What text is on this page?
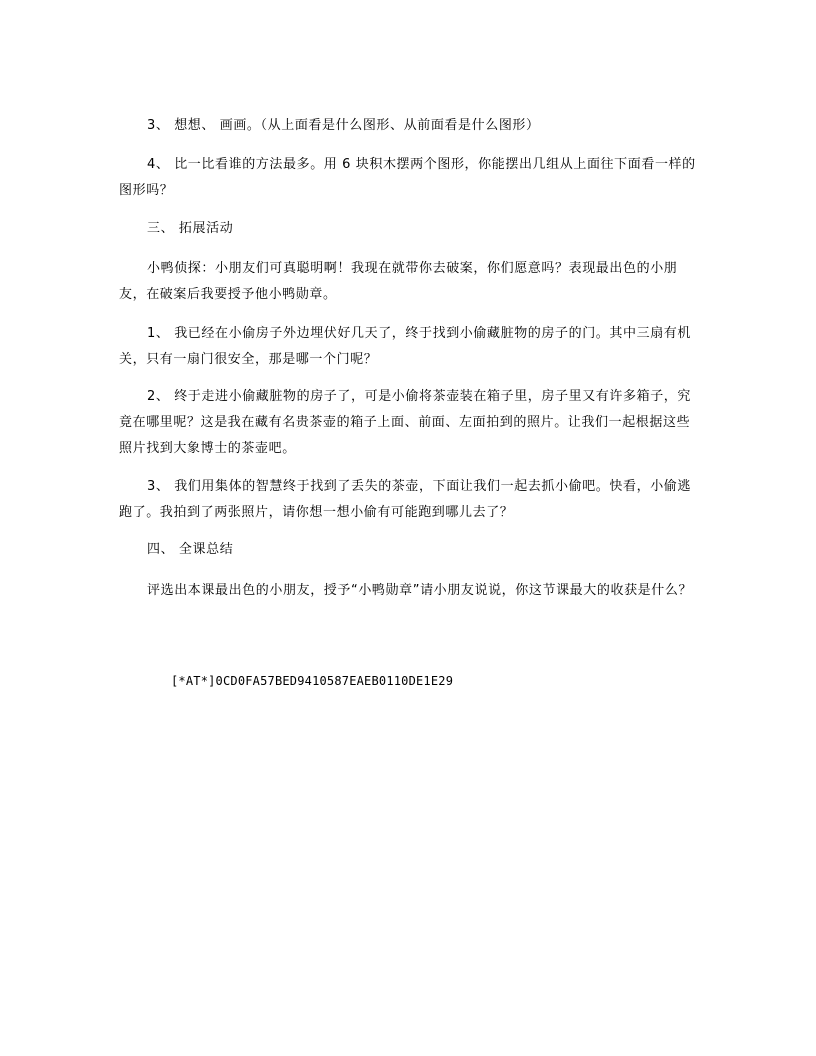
3、 想想、 画画。（从上面看是什么图形、从前面看是什么图形）

4、 比一比看谁的方法最多。用 6 块积木摆两个图形，你能摆出几组从上面往下面看一样的图形吗？

三、 拓展活动

小鸭侦探：小朋友们可真聪明啊！我现在就带你去破案，你们愿意吗？表现最出色的小朋友，在破案后我要授予他小鸭勋章。

1、 我已经在小偷房子外边埋伏好几天了，终于找到小偷藏脏物的房子的门。其中三扇有机关，只有一扇门很安全，那是哪一个门呢？

2、 终于走进小偷藏脏物的房子了，可是小偷将茶壶装在箱子里，房子里又有许多箱子，究竟在哪里呢？这是我在藏有名贵茶壶的箱子上面、前面、左面拍到的照片。让我们一起根据这些照片找到大象博士的茶壶吧。

3、 我们用集体的智慧终于找到了丢失的茶壶，下面让我们一起去抓小偷吧。快看，小偷逃跑了。我拍到了两张照片，请你想一想小偷有可能跑到哪儿去了？

四、 全课总结

评选出本课最出色的小朋友，授予“小鸭勋章”请小朋友说说，你这节课最大的收获是什么？

[*AT*]0CD0FA57BED9410587EAEB0110DE1E29
